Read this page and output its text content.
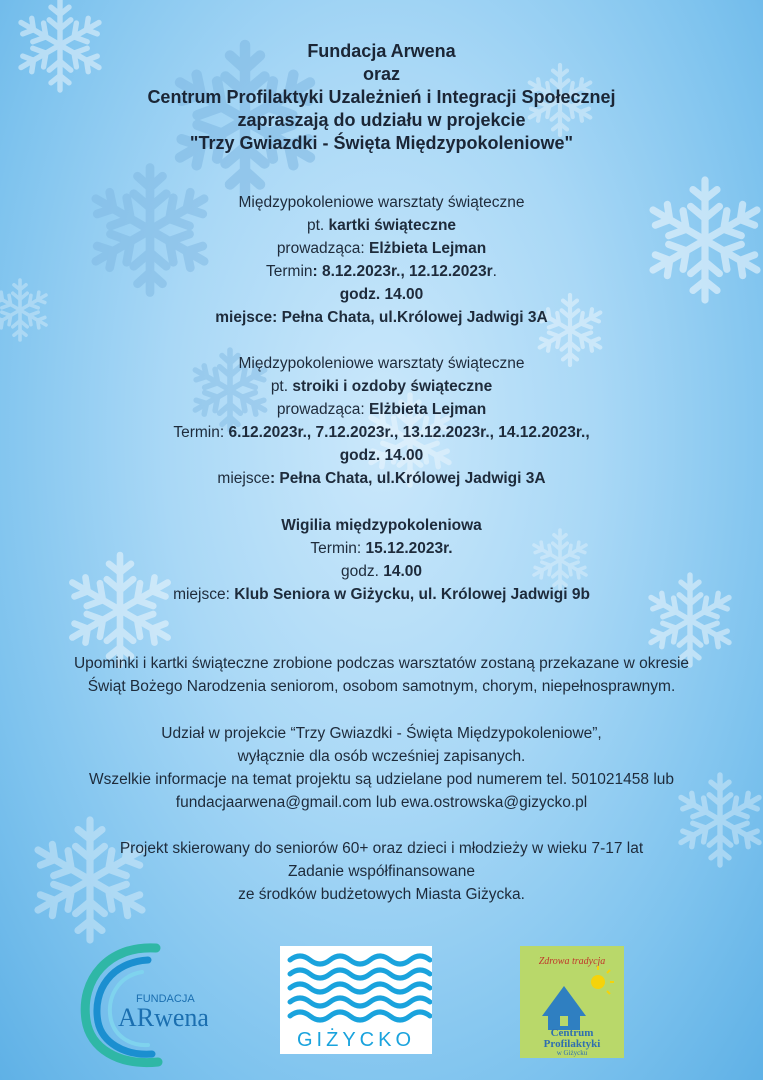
Fundacja Arwena
oraz
Centrum Profilaktyki Uzależnień i Integracji Społecznej
zapraszają do udziału w projekcie
"Trzy Gwiazdki - Święta Międzypokoleniowe"
Międzypokoleniowe warsztaty świąteczne
pt. kartki świąteczne
prowadząca: Elżbieta Lejman
Termin: 8.12.2023r., 12.12.2023r.
godz. 14.00
miejsce: Pełna Chata, ul.Królowej Jadwigi 3A
Międzypokoleniowe warsztaty świąteczne
pt. stroiki i ozdoby świąteczne
prowadząca: Elżbieta Lejman
Termin: 6.12.2023r., 7.12.2023r., 13.12.2023r., 14.12.2023r.,
godz. 14.00
miejsce: Pełna Chata, ul.Królowej Jadwigi 3A
Wigilia międzypokoleniowa
Termin: 15.12.2023r.
godz. 14.00
miejsce: Klub Seniora w Giżycku, ul. Królowej Jadwigi 9b
Upominki i kartki świąteczne zrobione podczas warsztatów zostaną przekazane w okresie
Świąt Bożego Narodzenia seniorom, osobom samotnym, chorym, niepełnosprawnym.
Udział w projekcie “Trzy Gwiazdki - Święta Międzypokoleniowe”,
wyłącznie dla osób wcześniej zapisanych.
Wszelkie informacje na temat projektu są udzielane pod numerem tel. 501021458 lub
fundacjaarwena@gmail.com lub ewa.ostrowska@gizycko.pl
Projekt skierowany do seniorów 60+ oraz dzieci i młodzieży w wieku 7-17 lat
Zadanie współfinansowane
ze środków budżetowych Miasta Giżycka.
FUNDACJA
ARwena
GIŻYCKO
Zdrowa tradycja
Centrum
Profilaktyki
w Giżycku
